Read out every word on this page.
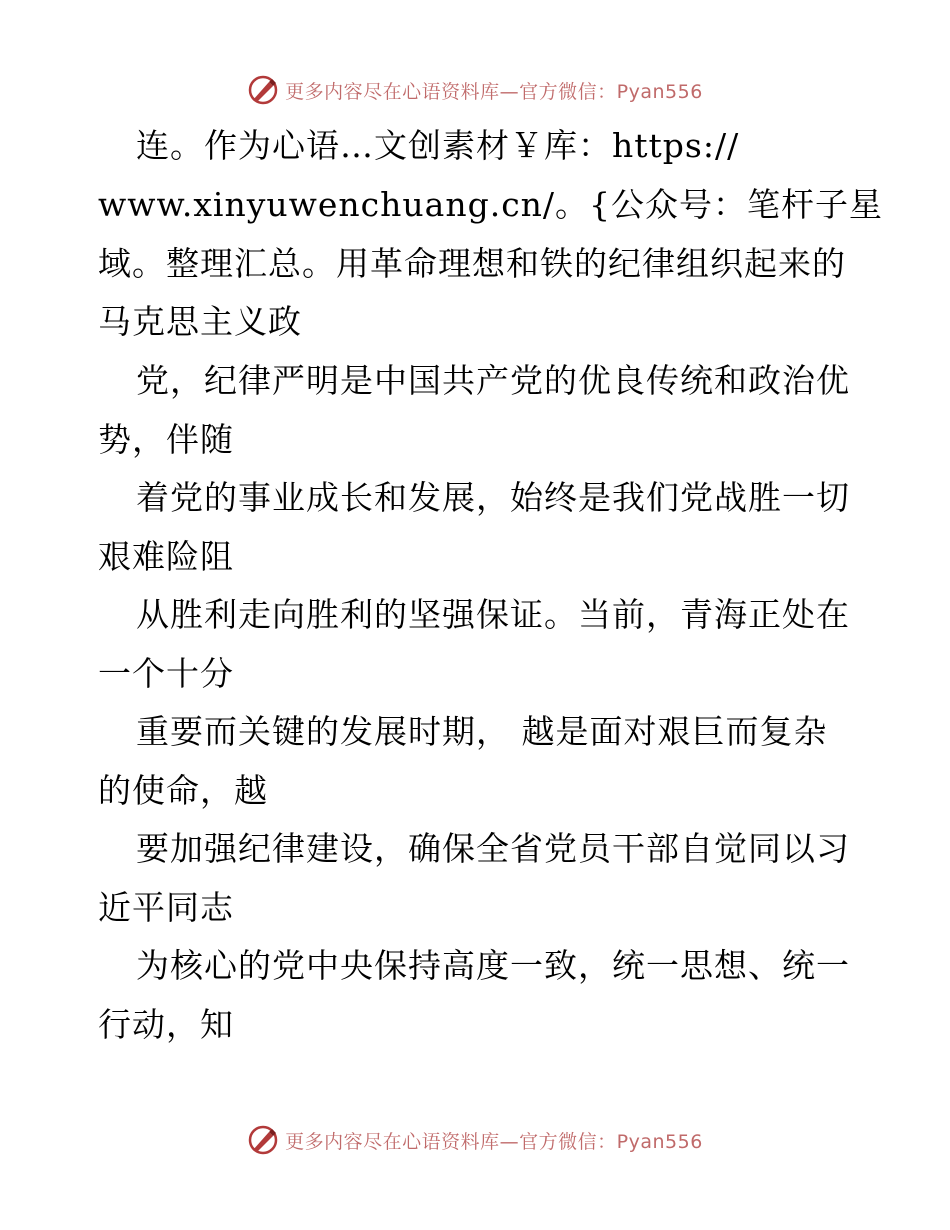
更多内容尽在心语资料库—官方微信：Pyan556
连。作为心语…文创素材￥库：https://
www.xinyuwenchuang.cn/。{公众号：笔杆子星
域。整理汇总。用革命理想和铁的纪律组织起来的
马克思主义政
党，纪律严明是中国共产党的优良传统和政治优
势，伴随
着党的事业成长和发展，始终是我们党战胜一切
艰难险阻
从胜利走向胜利的坚强保证。当前，青海正处在
一个十分
重要而关键的发展时期， 越是面对艰巨而复杂
的使命，越
要加强纪律建设，确保全省党员干部自觉同以习
近平同志
为核心的党中央保持高度一致，统一思想、统一
行动，知
更多内容尽在心语资料库—官方微信：Pyan556
